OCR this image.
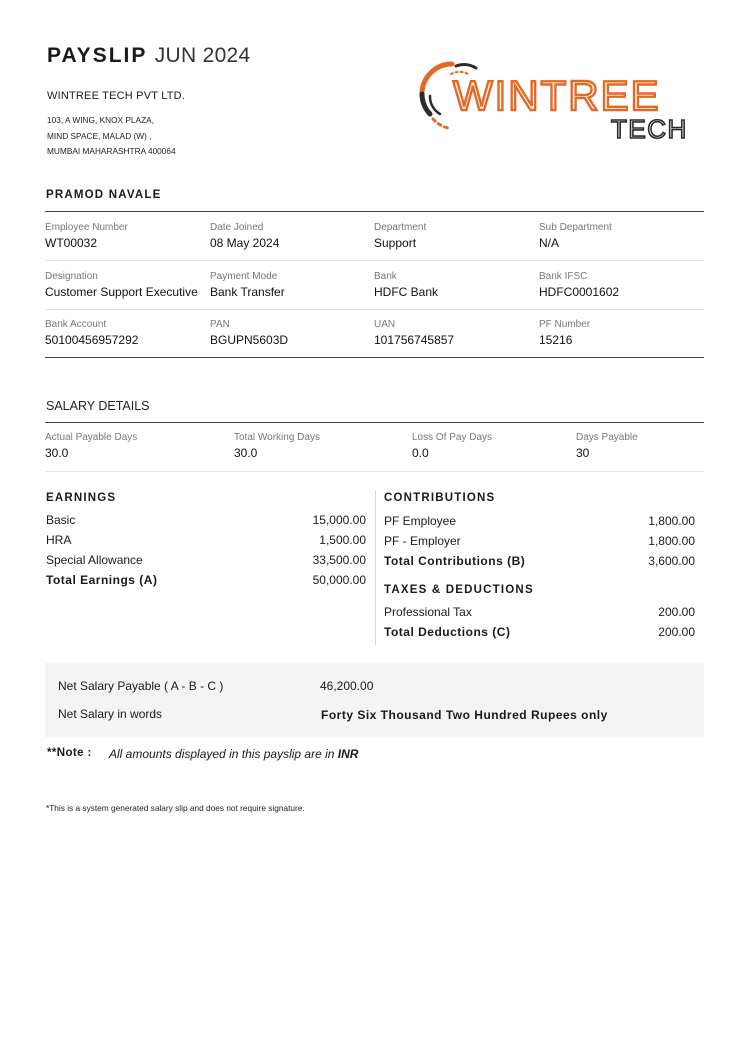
PAYSLIP JUN 2024
WINTREE TECH PVT LTD.
103, A WING, KNOX PLAZA,
MIND SPACE, MALAD (W) ,
MUMBAI MAHARASHTRA 400064
WINTREE
TECH
PRAMOD NAVALE
Employee Number
WT00032
Date Joined
08 May 2024
Department
Support
Sub Department
N/A
Designation
Customer Support Executive
Payment Mode
Bank Transfer
Bank
HDFC Bank
Bank IFSC
HDFC0001602
Bank Account
50100456957292
PAN
BGUPN5603D
UAN
101756745857
PF Number
15216
SALARY DETAILS
Actual Payable Days
30.0
Total Working Days
30.0
Loss Of Pay Days
0.0
Days Payable
30
EARNINGS
Basic	15,000.00
HRA	1,500.00
Special Allowance	33,500.00
Total Earnings (A)	50,000.00
CONTRIBUTIONS
PF Employee	1,800.00
PF - Employer	1,800.00
Total Contributions (B)	3,600.00
TAXES & DEDUCTIONS
Professional Tax	200.00
Total Deductions (C)	200.00
Net Salary Payable ( A - B - C )	46,200.00
Net Salary in words	Forty Six Thousand Two Hundred Rupees only
**Note : All amounts displayed in this payslip are in INR
*This is a system generated salary slip and does not require signature.
